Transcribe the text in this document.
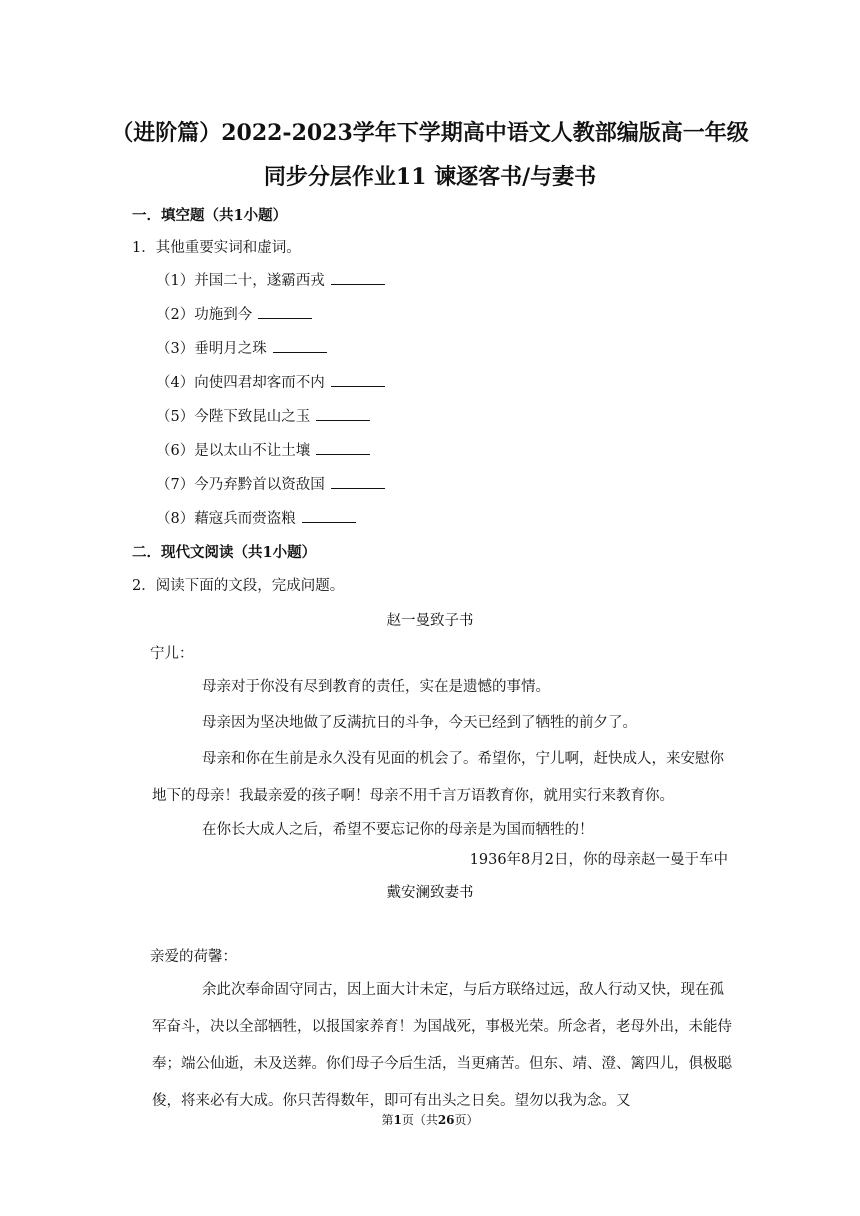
（进阶篇）2022-2023学年下学期高中语文人教部编版高一年级
同步分层作业11 谏逐客书/与妻书
一．填空题（共1小题）
1．其他重要实词和虚词。
（1）并国二十，遂霸西戎
（2）功施到今
（3）垂明月之珠
（4）向使四君却客而不内
（5）今陛下致昆山之玉
（6）是以太山不让土壤
（7）今乃弃黔首以资敌国
（8）藉寇兵而赍盗粮
二．现代文阅读（共1小题）
2．阅读下面的文段，完成问题。
赵一曼致子书
宁儿：
母亲对于你没有尽到教育的责任，实在是遗憾的事情。
母亲因为坚决地做了反满抗日的斗争，今天已经到了牺牲的前夕了。
母亲和你在生前是永久没有见面的机会了。希望你，宁儿啊，赶快成人，来安慰你地下的母亲！我最亲爱的孩子啊！母亲不用千言万语教育你，就用实行来教育你。
在你长大成人之后，希望不要忘记你的母亲是为国而牺牲的！
1936年8月2日，你的母亲赵一曼于车中
戴安澜致妻书
亲爱的荷馨：
余此次奉命固守同古，因上面大计未定，与后方联络过远，敌人行动又快，现在孤军奋斗，决以全部牺牲，以报国家养育！为国战死，事极光荣。所念者，老母外出，未能侍奉；端公仙逝，未及送葬。你们母子今后生活，当更痛苦。但东、靖、澄、篱四儿，俱极聪俊，将来必有大成。你只苦得数年，即可有出头之日矣。望勿以我为念。又
第1页（共26页）
